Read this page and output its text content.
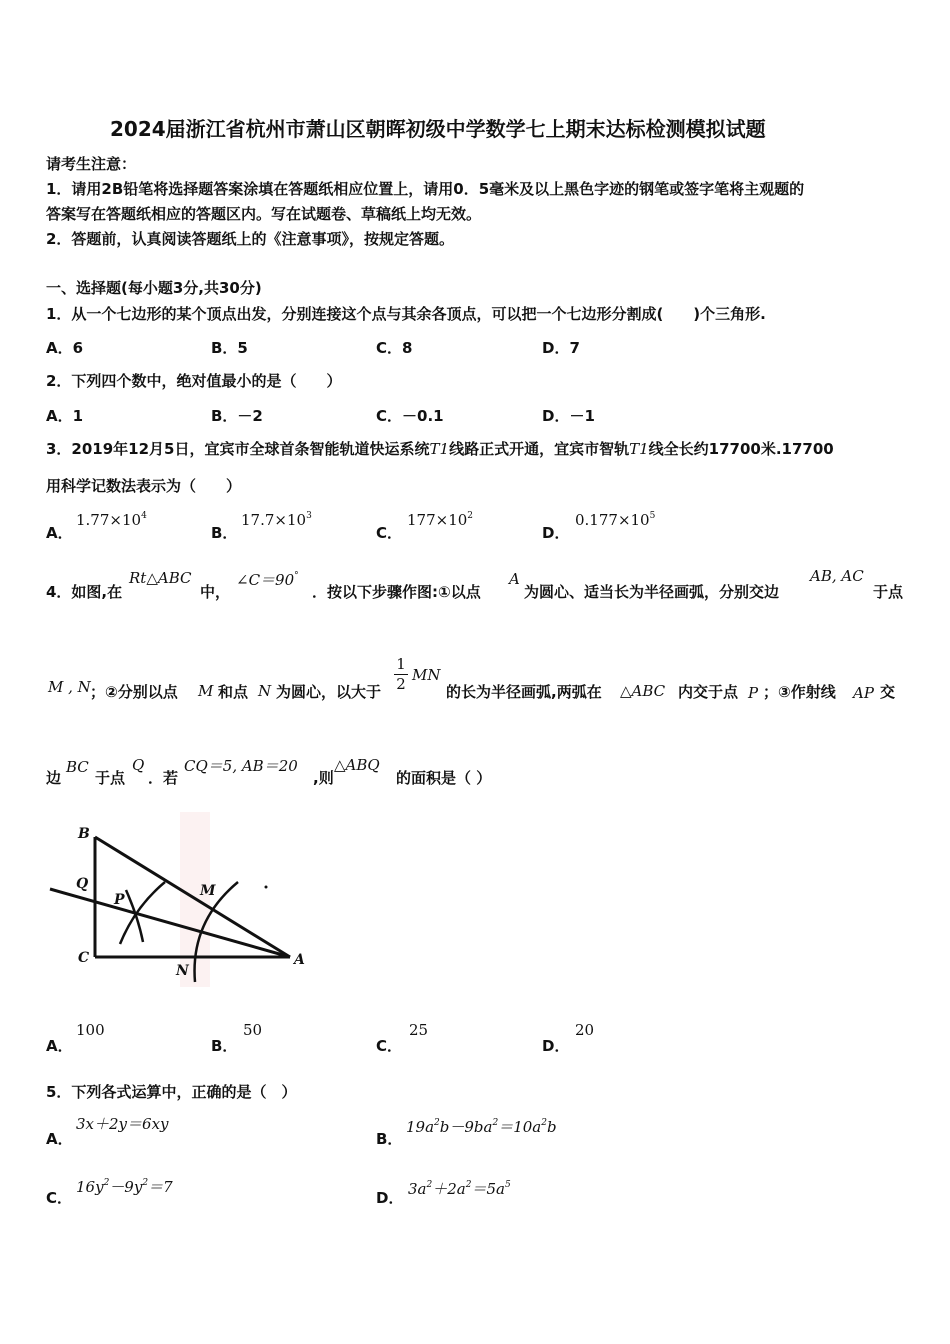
2024届浙江省杭州市萧山区朝晖初级中学数学七上期末达标检测模拟试题
请考生注意：
1．请用2B铅笔将选择题答案涂填在答题纸相应位置上，请用0．5毫米及以上黑色字迹的钢笔或签字笔将主观题的
答案写在答题纸相应的答题区内。写在试题卷、草稿纸上均无效。
2．答题前，认真阅读答题纸上的《注意事项》，按规定答题。
一、选择题(每小题3分,共30分)
1．从一个七边形的某个顶点出发，分别连接这个点与其余各顶点，可以把一个七边形分割成(　　)个三角形.
A．6	B．5	C．8	D．7
2．下列四个数中，绝对值最小的是（　　）
A．1	B．－2	C．－0.1	D．－1
3．2019年12月5日，宜宾市全球首条智能轨道快运系统T1线路正式开通，宜宾市智轨T1线全长约17700米.17700
用科学记数法表示为（　　）
A．
$1.77\times 10^4$
B．
$17.7\times 10^3$
C．
$177\times 10^2$
D．
$0.177\times 10^5$
4．如图,在
Rt△ABC
中，
∠C＝90°
．按以下步骤作图:①以点
A
为圆心、适当长为半径画弧，分别交边
AB, AC
于点
M , N ；②分别以点 M 和点 N 为圆心，以大于 $\frac{1}{2}$ MN
的长为半径画弧,两弧在 △ABC 内交于点 P ；③作射线 AP 交
边
BC
于点
Q
．若
CQ＝5, AB＝20
,则
△ABQ
的面积是（ ）
B
Q
P
M
C
N
A
A．
100
B．
50
C．
25
D．
20
5．下列各式运算中，正确的是（　）
A．
3x＋2y＝6xy
B．
$19a^2b-9ba^2=10a^2b$
C．
$16y^2-9y^2=7$
D． $3a^2+2a^2=5a^5$
